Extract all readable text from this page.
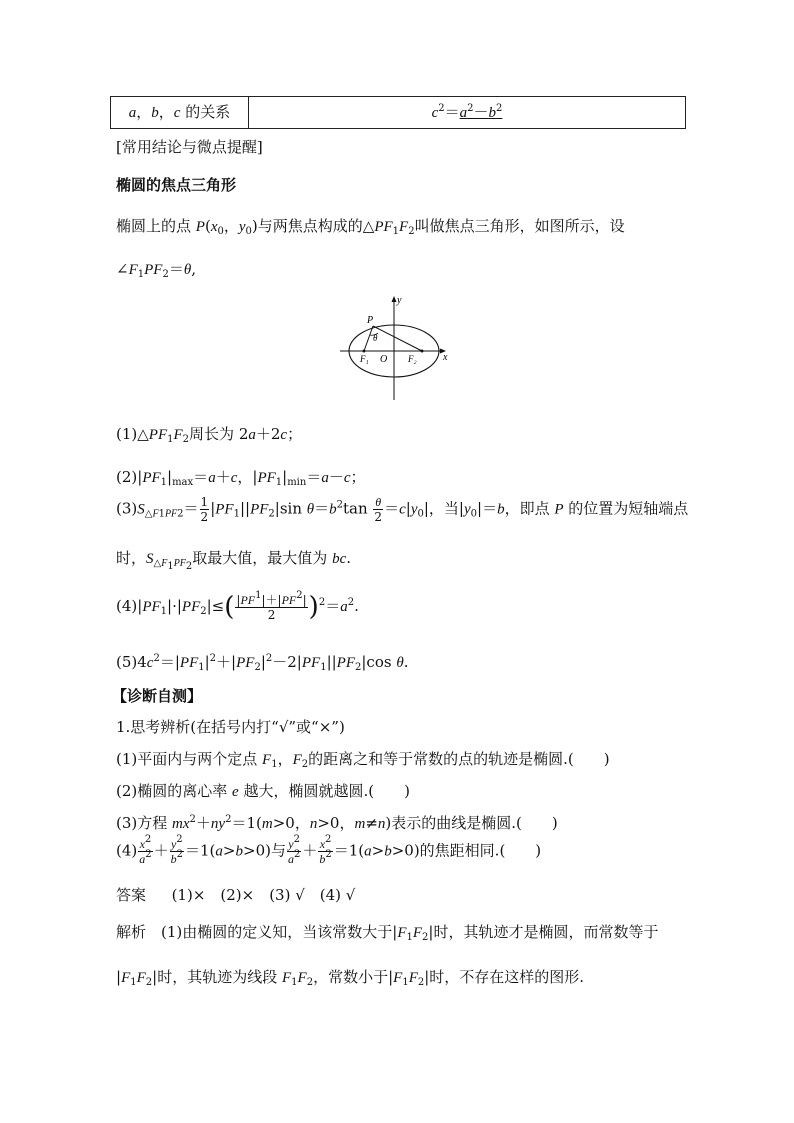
a，b，c 的关系	$c^2=a^2-b^2$
[常用结论与微点提醒]
椭圆的焦点三角形
椭圆上的点 $P(x_0$，$y_0$)与两焦点构成的$\triangle PF_1F_2$叫做焦点三角形，如图所示，设
$\angle F_1PF_2=\theta$,
y
x
P
θ
F₁ O F₂
$(1)\triangle PF_1F_2$周长为 2a＋2c；
$(2)|PF_1|_{max}=a+c$，$|PF_1|_{min}=a-c$；
$(3)S_{\triangle F1PF2}= \frac{1}{2} |PF_1||PF_2|\sin$ $\theta=b^2\tan \frac{\theta}{2} =c|y_0|$，当$|y_0|=b$，即点 P 的位置为短轴端点
时，$S_{\triangle F_1PF_2}$取最大值，最大值为 bc.
$(4)|PF_1|\cdot|PF_2|\le( \frac{|PF^1|+|PF^2|}{2} )^2=a^2$.
$(5)4c^2=|PF_1|^2+|PF_2|^2-2|PF_1||PF_2|\cos$ θ.
【诊断自测】
1.思考辨析(在括号内打“√”或“×”)
(1)平面内与两个定点 $F_1$，$F_2$的距离之和等于常数的点的轨迹是椭圆.(　　)
(2)椭圆的离心率 e 越大，椭圆就越圆.(　　)
(3)方程 $mx^2+ny^2=1(m>0$，n>0，m≠n)表示的曲线是椭圆.(　　)
$(4) \frac{x^2}{a^2} + \frac{y^2}{b^2} =1(a>b>0)$与 $\frac{y^2}{a^2} + \frac{x^2}{b^2} =1(a>b>0)$的焦距相同.(　　)
答案 (1)×　(2)×　(3) √　(4) √
解析　(1)由椭圆的定义知，当该常数大于$|F_1F_2|$时，其轨迹才是椭圆，而常数等于
$|F_1F_2|$时，其轨迹为线段 $F_1F_2$，常数小于$|F_1F_2|$时，不存在这样的图形.
